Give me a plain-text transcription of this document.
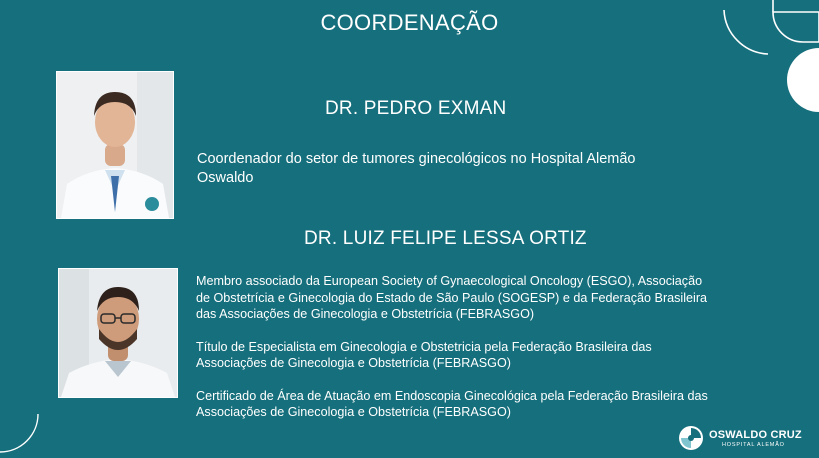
COORDENAÇÃO
DR. PEDRO EXMAN
Coordenador do setor de tumores ginecológicos no Hospital Alemão Oswaldo
DR. LUIZ FELIPE LESSA ORTIZ

Membro associado da European Society of Gynaecological Oncology (ESGO), Associação de Obstetrícia e Ginecologia do Estado de São Paulo (SOGESP) e da Federação Brasileira das Associações de Ginecologia e Obstetrícia (FEBRASGO)

Título de Especialista em Ginecologia e Obstetricia pela Federação Brasileira das Associações de Ginecologia e Obstetrícia (FEBRASGO)

Certificado de Área de Atuação em Endoscopia Ginecológica pela Federação Brasileira das Associações de Ginecologia e Obstetrícia (FEBRASGO)

OSWALDO CRUZ
HOSPITAL ALEMÃO
